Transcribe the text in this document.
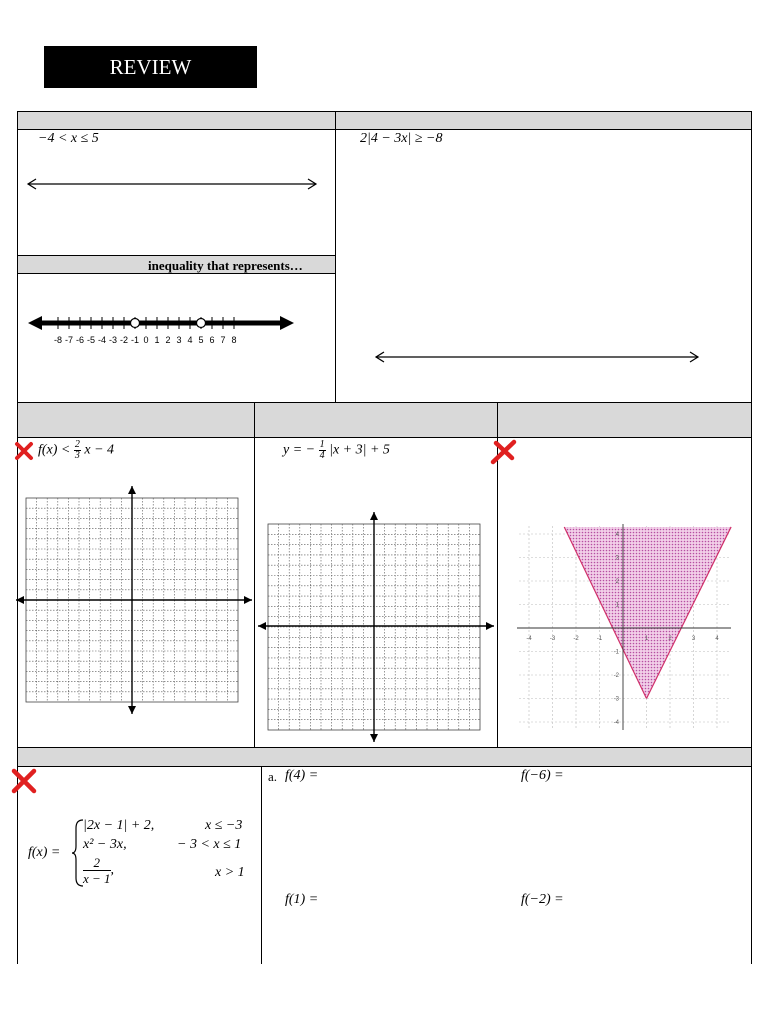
REVIEW
−4 < x ≤ 5
inequality that represents…
-8 -7 -6 -5 -4 -3 -2 -1 0 1 2 3 4 5 6 7 8
2|4 − 3x| ≥ −8
$f(x) < \frac{2}{3}$ x − 4	y = − $\frac{1}{4} |x + 3| + 5$
-4	-3	-2	-1	1	2	3	4
4
3
2
1
-1
-2
-3
-4
f(x) =
|2x − 1| + 2,	x ≤ −3
x² − 3x,	− 3 < x ≤ 1
$\frac{2}{x - 1}$ ,	x > 1
a. f(4) =	f(−6) =
f(1) =	f(−2) =
